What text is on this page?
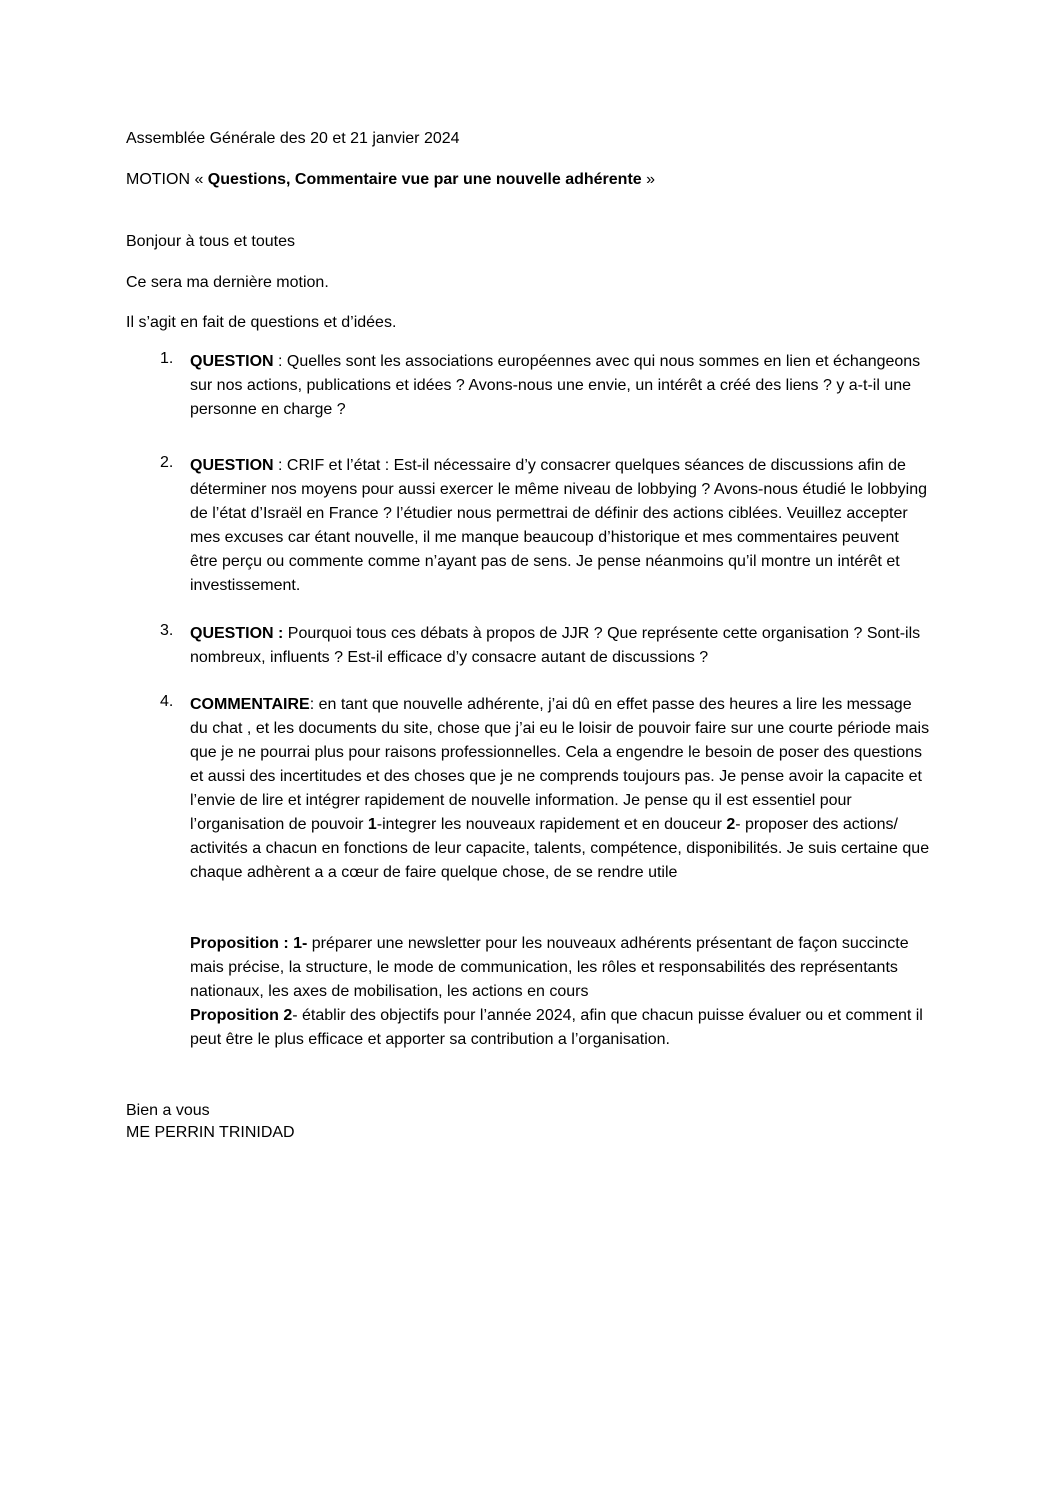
Assemblée Générale des 20 et 21 janvier 2024

MOTION « Questions, Commentaire vue par une nouvelle adhérente »

Bonjour à tous et toutes

Ce sera ma dernière motion.

Il s’agit en fait de questions et d’idées.

1.	QUESTION : Quelles sont les associations européennes avec qui nous sommes en lien et échangeons sur nos actions, publications et idées ? Avons-nous une envie, un intérêt a créé des liens ? y a-t-il une personne en charge ?
2.	QUESTION : CRIF et l’état : Est-il nécessaire d’y consacrer quelques séances de discussions afin de déterminer nos moyens pour aussi exercer le même niveau de lobbying ? Avons-nous étudié le lobbying de l’état d’Israël en France ? l’étudier nous permettrai de définir des actions ciblées. Veuillez accepter mes excuses car étant nouvelle, il me manque beaucoup d’historique et mes commentaires peuvent être perçu ou commente comme n’ayant pas de sens. Je pense néanmoins qu’il montre un intérêt et investissement.
3.	QUESTION : Pourquoi tous ces débats à propos de JJR ? Que représente cette organisation ? Sont-ils nombreux, influents ? Est-il efficace d’y consacre autant de discussions ?
4.	COMMENTAIRE: en tant que nouvelle adhérente, j’ai dû en effet passe des heures a lire les message du chat , et les documents du site, chose que j’ai eu le loisir de pouvoir faire sur une courte période mais que je ne pourrai plus pour raisons professionnelles. Cela a engendre le besoin de poser des questions et aussi des incertitudes et des choses que je ne comprends toujours pas. Je pense avoir la capacite et l’envie de lire et intégrer rapidement de nouvelle information. Je pense qu il est essentiel pour l’organisation de pouvoir 1-integrer les nouveaux rapidement et en douceur 2- proposer des actions/ activités a chacun en fonctions de leur capacite, talents, compétence, disponibilités. Je suis certaine que chaque adhèrent a a cœur de faire quelque chose, de se rendre utile
Proposition : 1- préparer une newsletter pour les nouveaux adhérents présentant de façon succincte mais précise, la structure, le mode de communication, les rôles et responsabilités des représentants nationaux, les axes de mobilisation, les actions en cours
Proposition 2- établir des objectifs pour l’année 2024, afin que chacun puisse évaluer ou et comment il peut être le plus efficace et apporter sa contribution a l’organisation.
Bien a vous
ME PERRIN TRINIDAD
